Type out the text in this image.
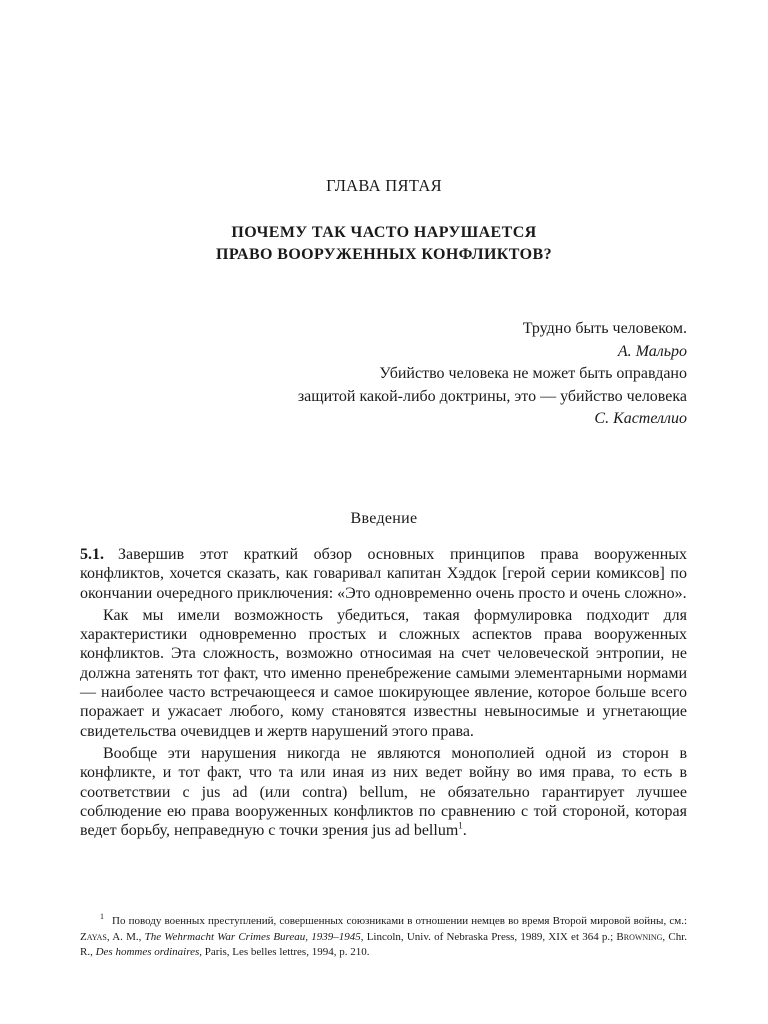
ГЛАВА ПЯТАЯ
ПОЧЕМУ ТАК ЧАСТО НАРУШАЕТСЯ
ПРАВО ВООРУЖЕННЫХ КОНФЛИКТОВ?
Трудно быть человеком.
А. Мальро
Убийство человека не может быть оправдано
защитой какой-либо доктрины, это — убийство человека
С. Кастеллио
Введение

5.1. Завершив этот краткий обзор основных принципов права вооруженных конфликтов, хочется сказать, как говаривал капитан Хэддок [герой серии комиксов] по окончании очередного приключения: «Это одновременно очень просто и очень сложно».

Как мы имели возможность убедиться, такая формулировка подходит для характеристики одновременно простых и сложных аспектов права вооруженных конфликтов. Эта сложность, возможно относимая на счет человеческой энтропии, не должна затенять тот факт, что именно пренебрежение самыми элементарными нормами — наиболее часто встречающееся и самое шокирующее явление, которое больше всего поражает и ужасает любого, кому становятся известны невыносимые и угнетающие свидетельства очевидцев и жертв нарушений этого права.

Вообще эти нарушения никогда не являются монополией одной из сторон в конфликте, и тот факт, что та или иная из них ведет войну во имя права, то есть в соответствии с jus ad (или contra) bellum, не обязательно гарантирует лучшее соблюдение ею права вооруженных конфликтов по сравнению с той стороной, которая ведет борьбу, неправедную с точки зрения jus ad bellum$^1$.

$^1$ По поводу военных преступлений, совершенных союзниками в отношении немцев во время Второй мировой войны, см.: Zayas, A. M., The Wehrmacht War Crimes Bureau, 1939–1945, Lincoln, Univ. of Nebraska Press, 1989, XIX et 364 p.; Browning, Chr. R., Des hommes ordinaires, Paris, Les belles lettres, 1994, p. 210.
